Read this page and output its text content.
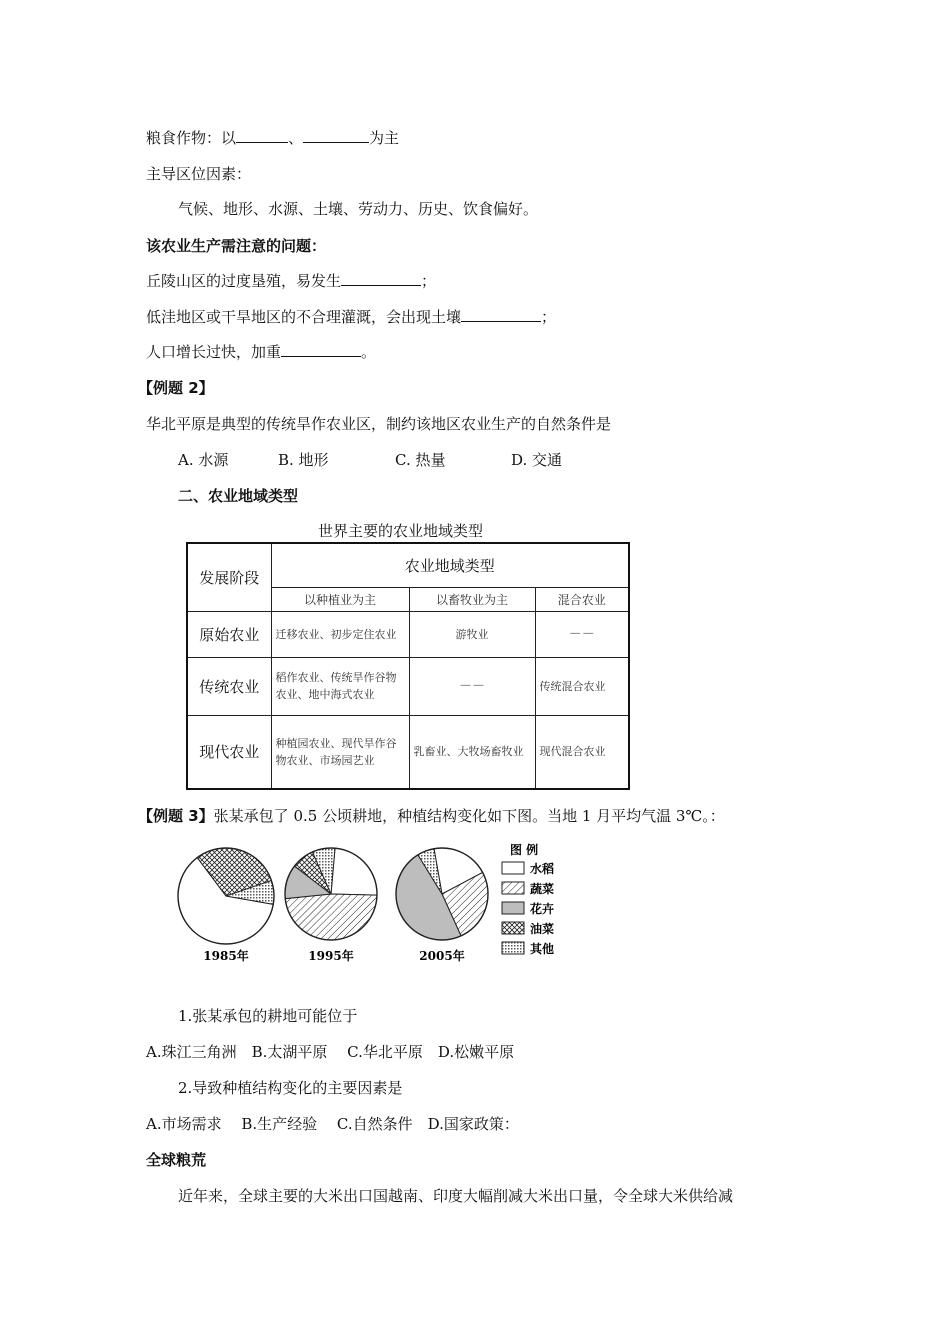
粮食作物：以	、	为主
主导区位因素：
气候、地形、水源、土壤、劳动力、历史、饮食偏好。
该农业生产需注意的问题：
丘陵山区的过度垦殖，易发生	；
低洼地区或干旱地区的不合理灌溉，会出现土壤	；
人口增长过快，加重	。
【例题 2】
华北平原是典型的传统旱作农业区，制约该地区农业生产的自然条件是
A. 水源	B. 地形	C. 热量	D. 交通
二、农业地域类型
世界主要的农业地域类型
发展阶段	农业地域类型		
	以种植业为主	以畜牧业为主	混合农业
原始农业	迁移农业、初步定住农业	游牧业	－－
传统农业	稻作农业、传统旱作谷物农业、地中海式农业	－－	传统混合农业
现代农业	种植园农业、现代旱作谷物农业、市场园艺业	乳畜业、大牧场畜牧业	现代混合农业
【例题 3】张某承包了 0.5 公顷耕地，种植结构变化如下图。当地 1 月平均气温 3℃。：
1985年	1995年	2005年
图 例
水稻
蔬菜
花卉
油菜
其他
1.张某承包的耕地可能位于
A.珠江三角洲　B.太湖平原　 C.华北平原　D.松嫩平原
2.导致种植结构变化的主要因素是
A.市场需求　 B.生产经验　 C.自然条件　D.国家政策：
全球粮荒
近年来，全球主要的大米出口国越南、印度大幅削减大米出口量，令全球大米供给减
